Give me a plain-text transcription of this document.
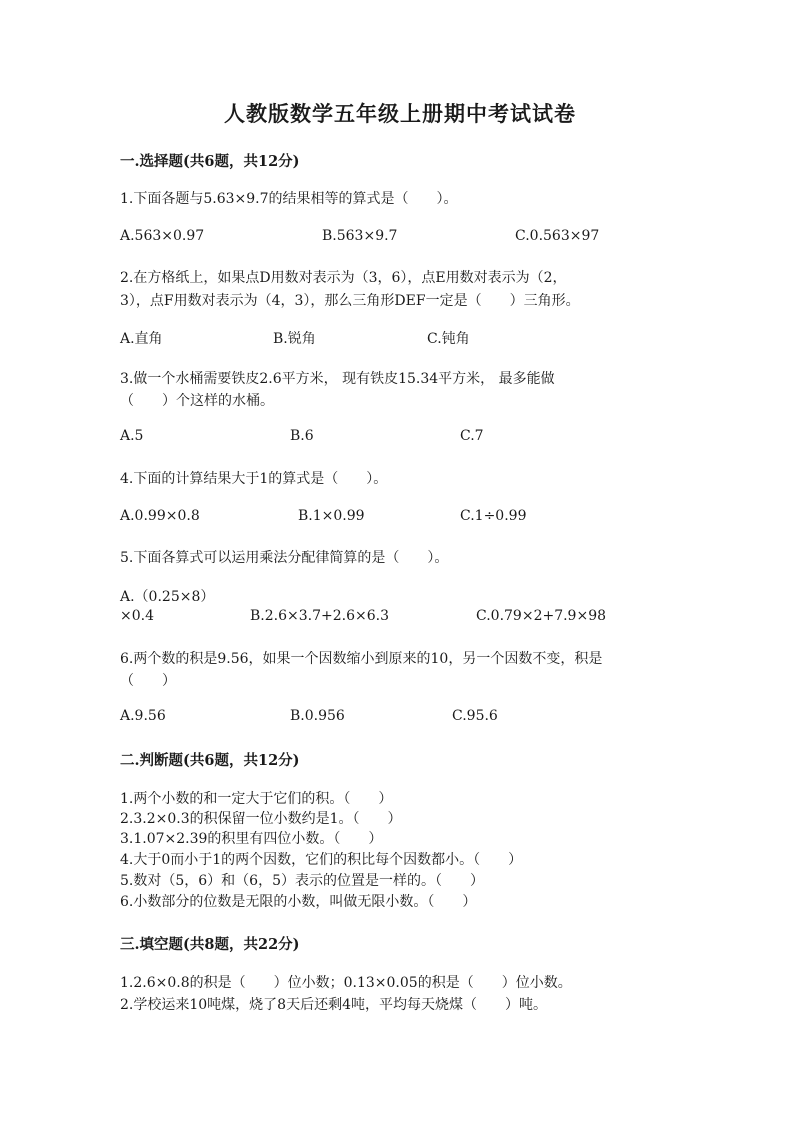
人教版数学五年级上册期中考试试卷
一.选择题(共6题，共12分)
1.下面各题与5.63×9.7的结果相等的算式是（　　）。
A.563×0.97	B.563×9.7	C.0.563×97
2.在方格纸上，如果点D用数对表示为（3，6），点E用数对表示为（2，
3），点F用数对表示为（4，3），那么三角形DEF一定是（　　）三角形。
A.直角	B.锐角	C.钝角
3.做一个水桶需要铁皮2.6平方米， 现有铁皮15.34平方米， 最多能做
（　　）个这样的水桶。
A.5	B.6	C.7
4.下面的计算结果大于1的算式是（　　）。
A.0.99×0.8	B.1×0.99	C.1÷0.99
5.下面各算式可以运用乘法分配律简算的是（　　）。
A.（0.25×8）
×0.4	B.2.6×3.7+2.6×6.3	C.0.79×2+7.9×98
6.两个数的积是9.56，如果一个因数缩小到原来的10，另一个因数不变，积是
（　　）
A.9.56	B.0.956	C.95.6
二.判断题(共6题，共12分)
1.两个小数的和一定大于它们的积。（　　）
2.3.2×0.3的积保留一位小数约是1。（　　）
3.1.07×2.39的积里有四位小数。（　　）
4.大于0而小于1的两个因数，它们的积比每个因数都小。（　　）
5.数对（5，6）和（6，5）表示的位置是一样的。（　　）
6.小数部分的位数是无限的小数，叫做无限小数。（　　）
三.填空题(共8题，共22分)
1.2.6×0.8的积是（　　）位小数；0.13×0.05的积是（　　）位小数。
2.学校运来10吨煤，烧了8天后还剩4吨，平均每天烧煤（　　）吨。
